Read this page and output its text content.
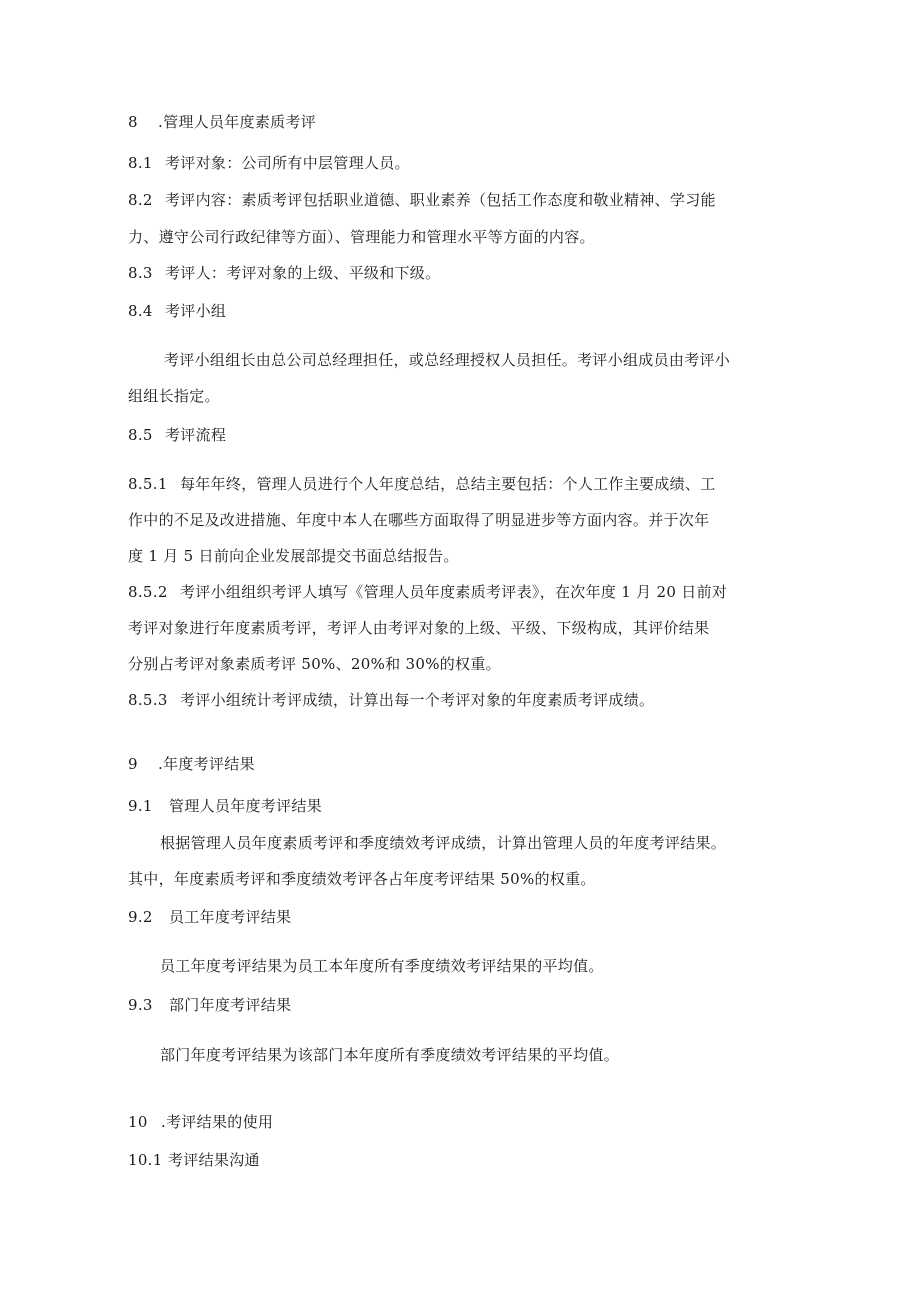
8 .管理人员年度素质考评
8.1 考评对象：公司所有中层管理人员。
8.2 考评内容：素质考评包括职业道德、职业素养（包括工作态度和敬业精神、学习能
力、遵守公司行政纪律等方面）、管理能力和管理水平等方面的内容。
8.3 考评人：考评对象的上级、平级和下级。
8.4 考评小组
考评小组组长由总公司总经理担任，或总经理授权人员担任。考评小组成员由考评小
组组长指定。
8.5 考评流程
8.5.1 每年年终，管理人员进行个人年度总结，总结主要包括：个人工作主要成绩、工
作中的不足及改进措施、年度中本人在哪些方面取得了明显进步等方面内容。并于次年
度 1 月 5 日前向企业发展部提交书面总结报告。
8.5.2 考评小组组织考评人填写《管理人员年度素质考评表》，在次年度 1 月 20 日前对
考评对象进行年度素质考评，考评人由考评对象的上级、平级、下级构成，其评价结果
分别占考评对象素质考评 50%、20%和 30%的权重。
8.5.3 考评小组统计考评成绩，计算出每一个考评对象的年度素质考评成绩。
9 .年度考评结果
9.1 管理人员年度考评结果
根据管理人员年度素质考评和季度绩效考评成绩，计算出管理人员的年度考评结果。
其中，年度素质考评和季度绩效考评各占年度考评结果 50%的权重。
9.2 员工年度考评结果
员工年度考评结果为员工本年度所有季度绩效考评结果的平均值。
9.3 部门年度考评结果
部门年度考评结果为该部门本年度所有季度绩效考评结果的平均值。
10 .考评结果的使用
10.1 考评结果沟通
